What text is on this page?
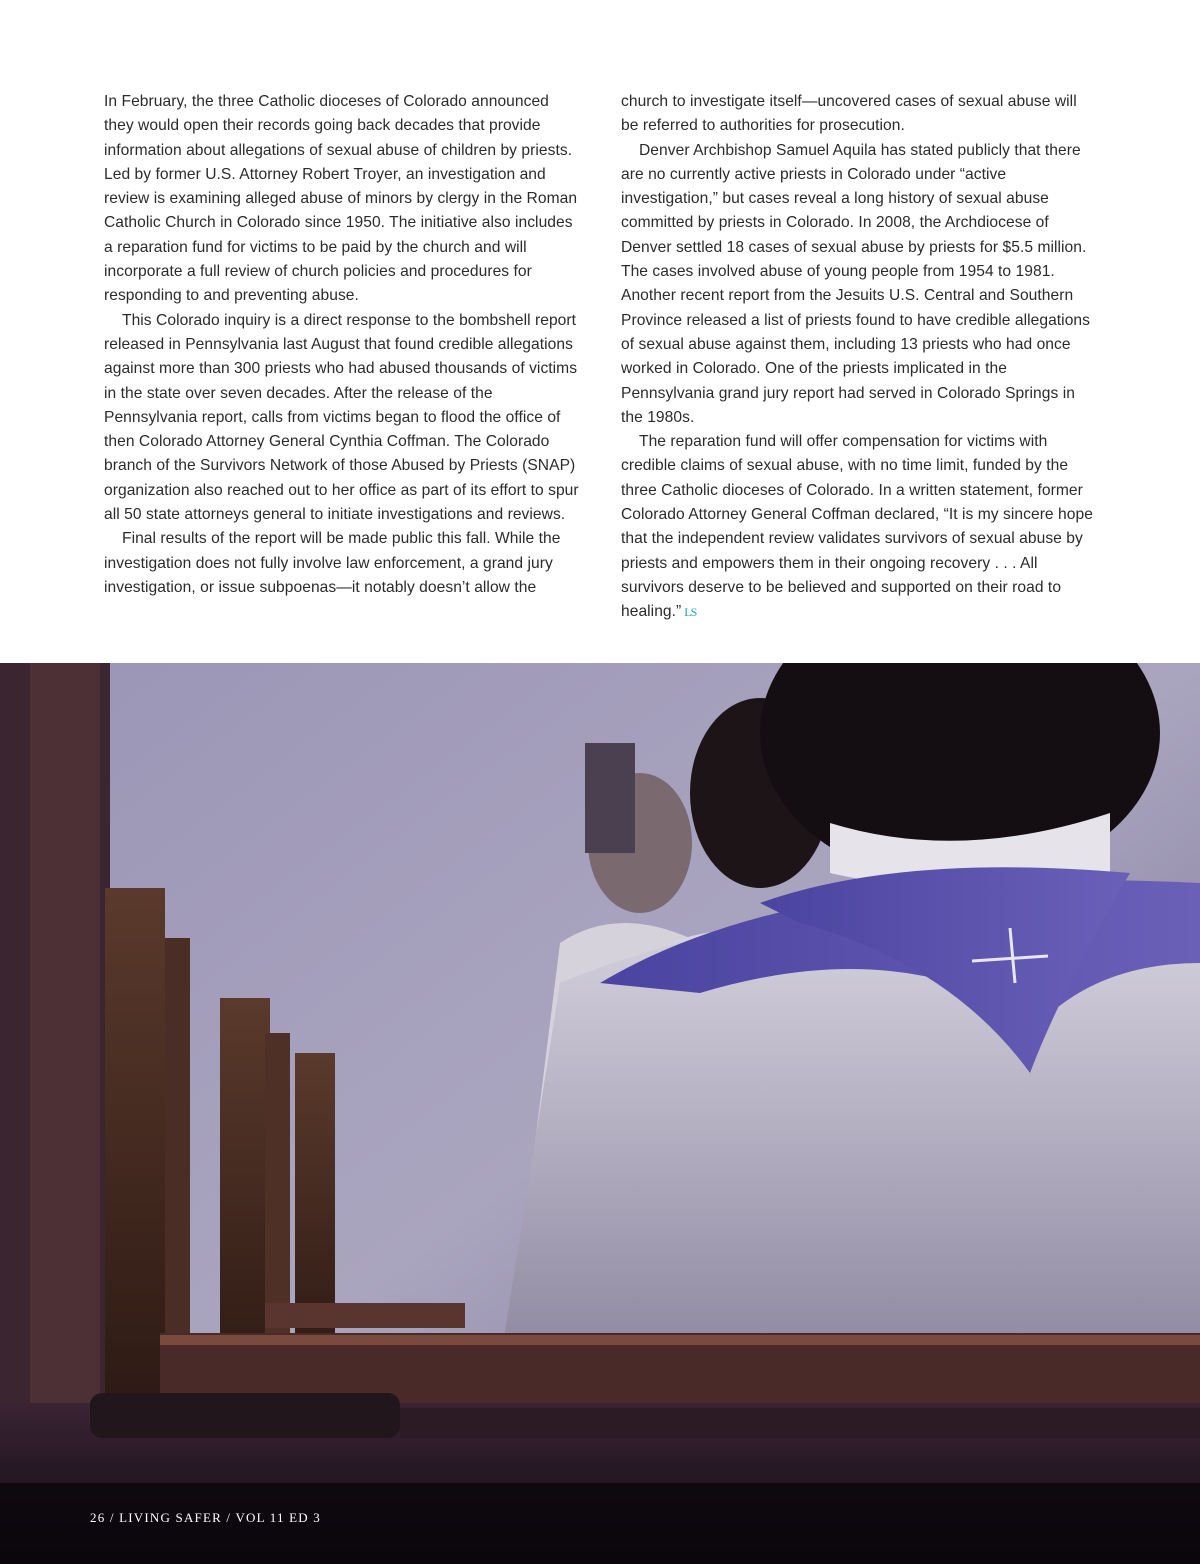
In February, the three Catholic dioceses of Colorado announced they would open their records going back decades that provide information about allegations of sexual abuse of children by priests. Led by former U.S. Attorney Robert Troyer, an investigation and review is examining alleged abuse of minors by clergy in the Roman Catholic Church in Colorado since 1950. The initiative also includes a reparation fund for victims to be paid by the church and will incorporate a full review of church policies and procedures for responding to and preventing abuse.

This Colorado inquiry is a direct response to the bombshell report released in Pennsylvania last August that found credible allegations against more than 300 priests who had abused thousands of victims in the state over seven decades. After the release of the Pennsylvania report, calls from victims began to flood the office of then Colorado Attorney General Cynthia Coffman. The Colorado branch of the Survivors Network of those Abused by Priests (SNAP) organization also reached out to her office as part of its effort to spur all 50 state attorneys general to initiate investigations and reviews.

Final results of the report will be made public this fall. While the investigation does not fully involve law enforcement, a grand jury investigation, or issue subpoenas—it notably doesn’t allow the church to investigate itself—uncovered cases of sexual abuse will be referred to authorities for prosecution.

Denver Archbishop Samuel Aquila has stated publicly that there are no currently active priests in Colorado under “active investigation,” but cases reveal a long history of sexual abuse committed by priests in Colorado. In 2008, the Archdiocese of Denver settled 18 cases of sexual abuse by priests for $5.5 million. The cases involved abuse of young people from 1954 to 1981. Another recent report from the Jesuits U.S. Central and Southern Province released a list of priests found to have credible allegations of sexual abuse against them, including 13 priests who had once worked in Colorado. One of the priests implicated in the Pennsylvania grand jury report had served in Colorado Springs in the 1980s.

The reparation fund will offer compensation for victims with credible claims of sexual abuse, with no time limit, funded by the three Catholic dioceses of Colorado. In a written statement, former Colorado Attorney General Coffman declared, “It is my sincere hope that the independent review validates survivors of sexual abuse by priests and empowers them in their ongoing recovery . . . All survivors deserve to be believed and supported on their road to healing.” LS

26 / LIVING SAFER / VOL 11 ED 3
